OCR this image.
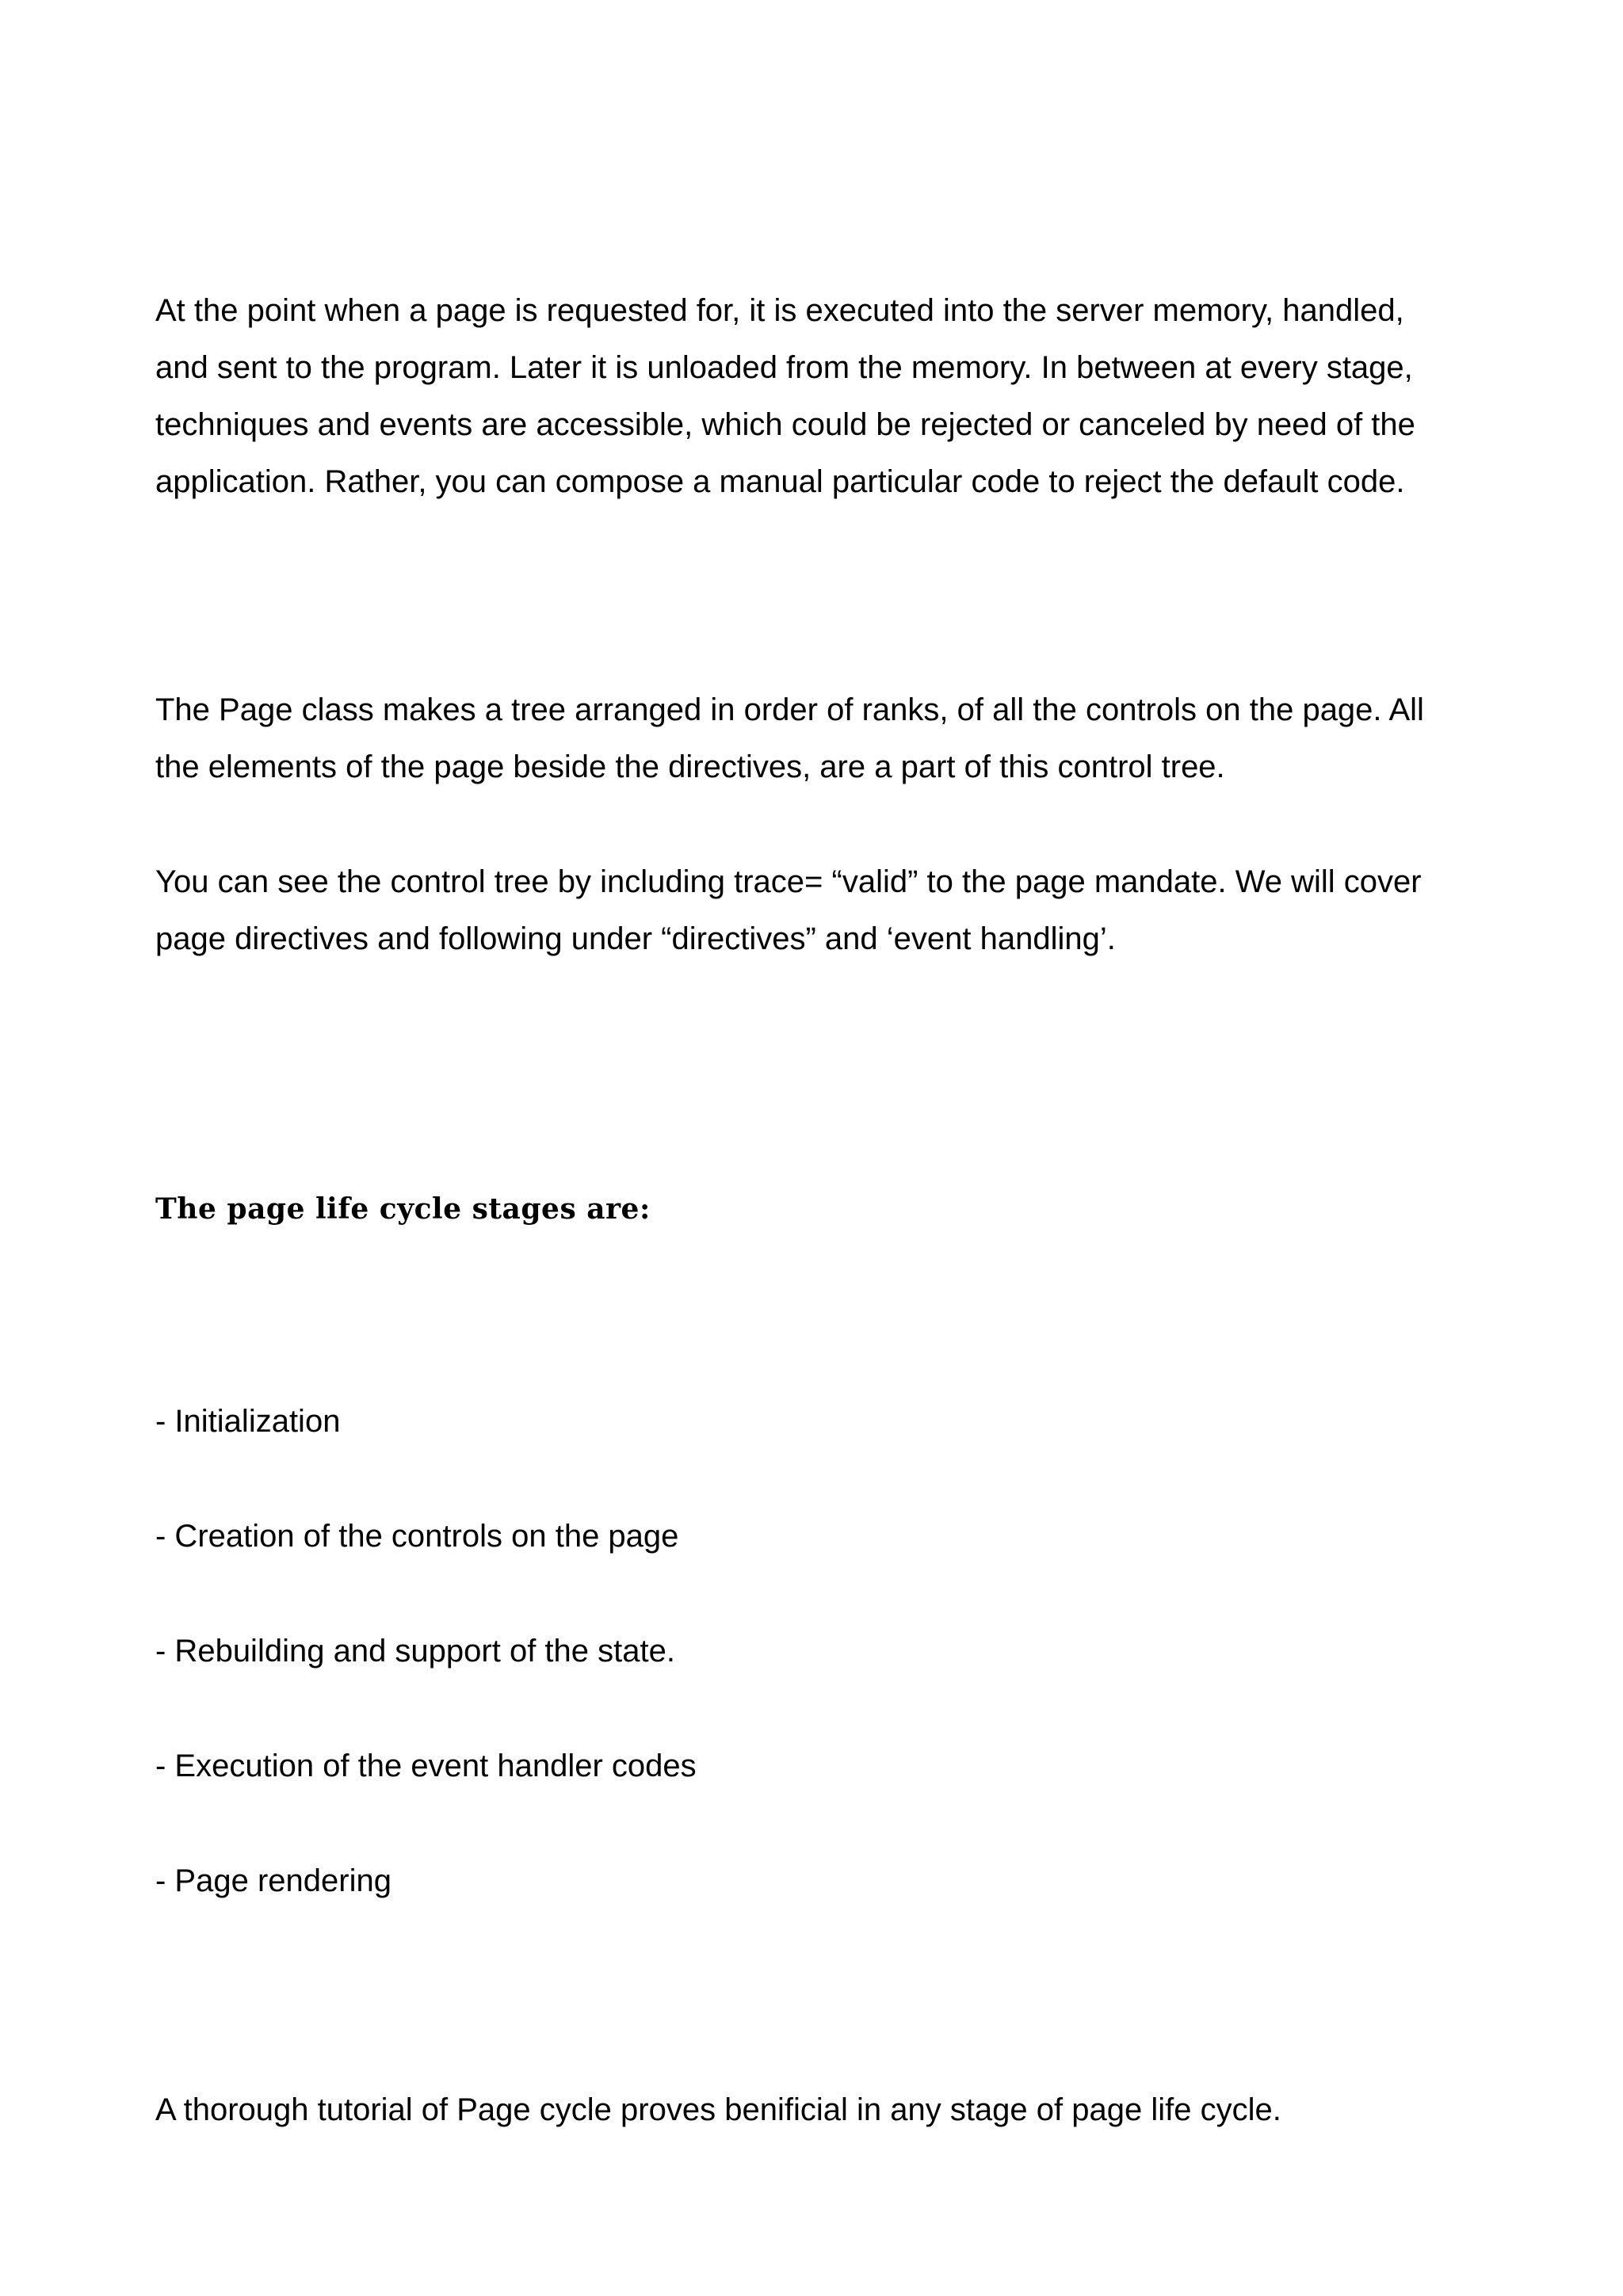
At the point when a page is requested for, it is executed into the server memory, handled,
and sent to the program. Later it is unloaded from the memory. In between at every stage,
techniques and events are accessible, which could be rejected or canceled by need of the
application. Rather, you can compose a manual particular code to reject the default code.

The Page class makes a tree arranged in order of ranks, of all the controls on the page. All
the elements of the page beside the directives, are a part of this control tree.

You can see the control tree by including trace= “valid” to the page mandate. We will cover
page directives and following under “directives” and ‘event handling’.

The page life cycle stages are:

- Initialization

- Creation of the controls on the page

- Rebuilding and support of the state.

- Execution of the event handler codes

- Page rendering

A thorough tutorial of Page cycle proves benificial in any stage of page life cycle.
